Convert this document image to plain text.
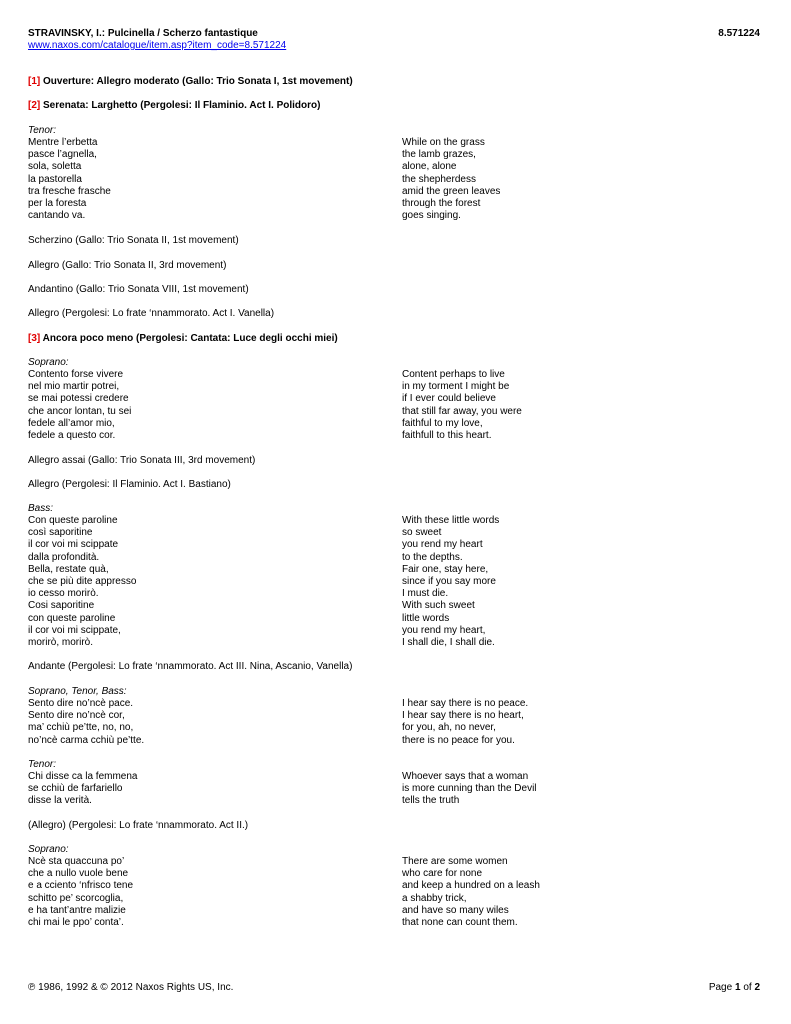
STRAVINSKY, I.: Pulcinella / Scherzo fantastique	8.571224
www.naxos.com/catalogue/item.asp?item_code=8.571224
[1] Ouverture: Allegro moderato (Gallo: Trio Sonata I, 1st movement)
[2] Serenata: Larghetto (Pergolesi: Il Flaminio. Act I. Polidoro)
Tenor:
Mentre l’erbetta
pasce l’agnella,
sola, soletta
la pastorella
tra fresche frasche
per la foresta
cantando va.
While on the grass
the lamb grazes,
alone, alone
the shepherdess
amid the green leaves
through the forest
goes singing.
Scherzino (Gallo: Trio Sonata II, 1st movement)
Allegro (Gallo: Trio Sonata II, 3rd movement)
Andantino (Gallo: Trio Sonata VIII, 1st movement)
Allegro (Pergolesi: Lo frate ‘nnammorato. Act I. Vanella)
[3] Ancora poco meno (Pergolesi: Cantata: Luce degli occhi miei)
Soprano:
Contento forse vivere
nel mio martir potrei,
se mai potessi credere
che ancor lontan, tu sei
fedele all’amor mio,
fedele a questo cor.
Content perhaps to live
in my torment I might be
if I ever could believe
that still far away, you were
faithful to my love,
faithfull to this heart.
Allegro assai (Gallo: Trio Sonata III, 3rd movement)
Allegro (Pergolesi: Il Flaminio. Act I. Bastiano)
Bass:
Con queste paroline
così saporitine
il cor voi mi scippate
dalla profondità.
Bella, restate quà,
che se più dite appresso
io cesso morirò.
Cosi saporitine
con queste paroline
il cor voi mi scippate,
morirò, morirò.
With these little words
so sweet
you rend my heart
to the depths.
Fair one, stay here,
since if you say more
I must die.
With such sweet
little words
you rend my heart,
I shall die, I shall die.
Andante (Pergolesi: Lo frate ‘nnammorato. Act III. Nina, Ascanio, Vanella)
Soprano, Tenor, Bass:
Sento dire no’ncè pace.
Sento dire no’ncè cor,
ma’ cchiù pe’tte, no, no,
no’ncè carma cchiù pe’tte.
I hear say there is no peace.
I hear say there is no heart,
for you, ah, no never,
there is no peace for you.
Tenor:
Chi disse ca la femmena
se cchiù de farfariello
disse la verità.
Whoever says that a woman
is more cunning than the Devil
tells the truth
(Allegro) (Pergolesi: Lo frate ‘nnammorato. Act II.)
Soprano:
Ncè sta quaccuna po’
che a nullo vuole bene
e a cciento ‘nfrisco tene
schitto pe’ scorcoglia,
e ha tant’antre malizie
chi mai le ppo’ conta’.
There are some women
who care for none
and keep a hundred on a leash
a shabby trick,
and have so many wiles
that none can count them.
℗ 1986, 1992 & © 2012 Naxos Rights US, Inc.	Page 1 of 2
